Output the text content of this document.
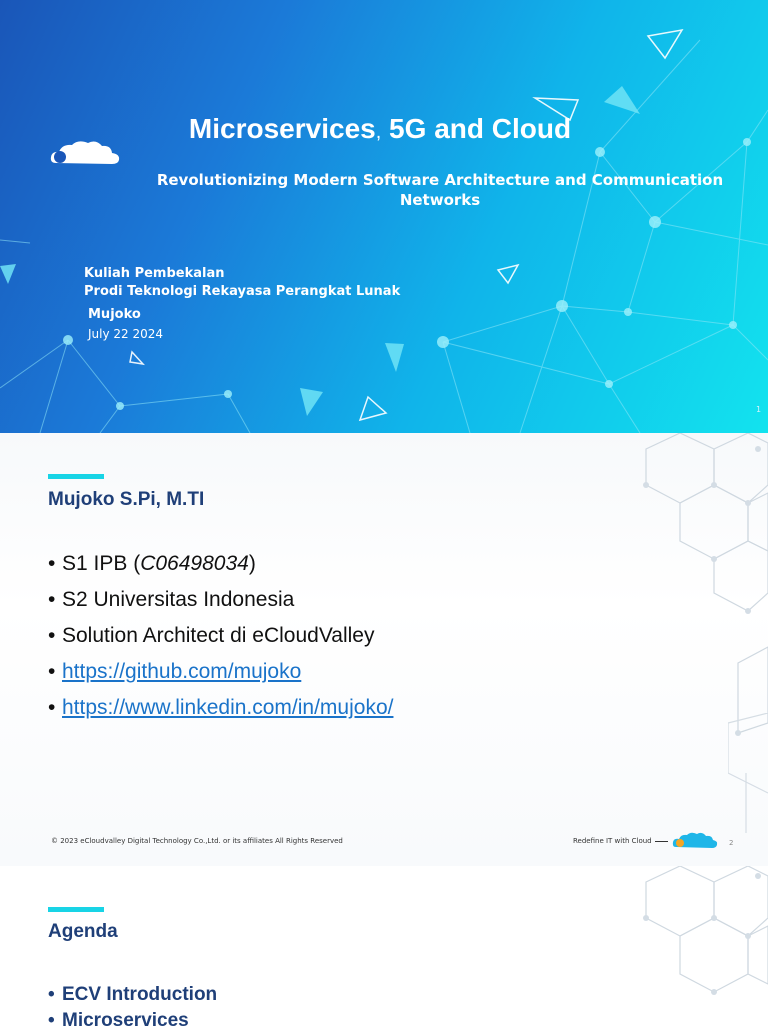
Microservices, 5G and Cloud
Revolutionizing Modern Software Architecture and Communication Networks
Kuliah Pembekalan
Prodi Teknologi Rekayasa Perangkat Lunak
Mujoko
July 22 2024
1
Mujoko S.Pi, M.TI
• S1 IPB (C06498034)
• S2 Universitas Indonesia
• Solution Architect di eCloudValley
• https://github.com/mujoko
• https://www.linkedin.com/in/mujoko/
© 2023 eCloudvalley Digital Technology Co.,Ltd. or its affiliates All Rights Reserved	Redefine IT with Cloud	2
Agenda
• ECV Introduction
• Microservices
